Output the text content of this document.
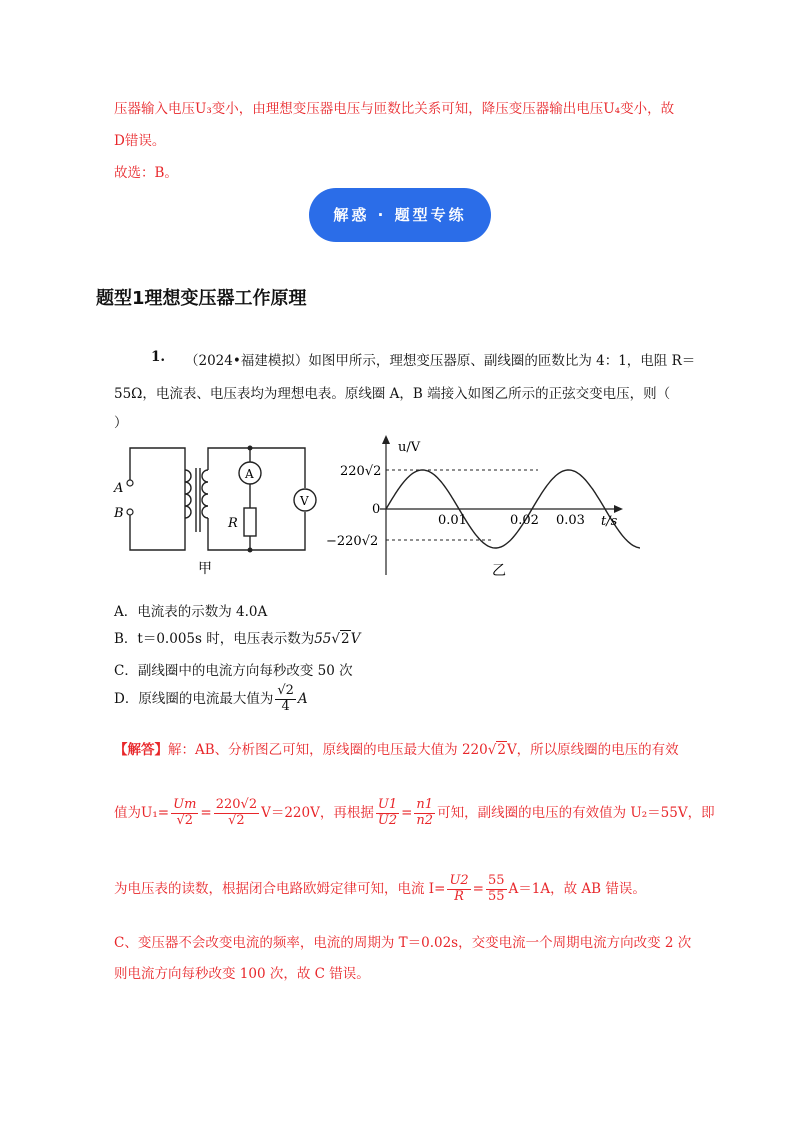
压器输入电压U₃变小，由理想变压器电压与匝数比关系可知，降压变压器输出电压U₄变小，故
D错误。
故选：B。
解惑 · 题型专练
题型1理想变压器工作原理
1. （2024•福建模拟）如图甲所示，理想变压器原、副线圈的匝数比为 4：1，电阻 R＝
55Ω，电流表、电压表均为理想电表。原线圈 A，B 端接入如图乙所示的正弦交变电压，则（
）
A
B
A
V
R
甲
u/V
t/s
220√2
−220√2
0
0.01	0.02 0.03
乙
A．电流表的示数为 4.0A
B．t＝0.005s 时，电压表示数为55√2V
C．副线圈中的电流方向每秒改变 50 次
D．原线圈的电流最大值为 $\frac{√2}{4}$ A
【解答】解：AB、分析图乙可知，原线圈的电压最大值为 220√2V，所以原线圈的电压的有效
值为$U_1= \frac{Um}{√2} = \frac{220√2}{√2} V=220V$，再根据 $\frac{U1}{U2} = \frac{n1}{n2}$ 可知，副线圈的电压的有效值为 U₂＝55V，即
为电压表的读数，根据闭合电路欧姆定律可知，电流 $I= \frac{U2}{R} = \frac{55}{55} A=1A$，故 AB 错误。
C、变压器不会改变电流的频率，电流的周期为 T＝0.02s，交变电流一个周期电流方向改变 2 次
则电流方向每秒改变 100 次，故 C 错误。
